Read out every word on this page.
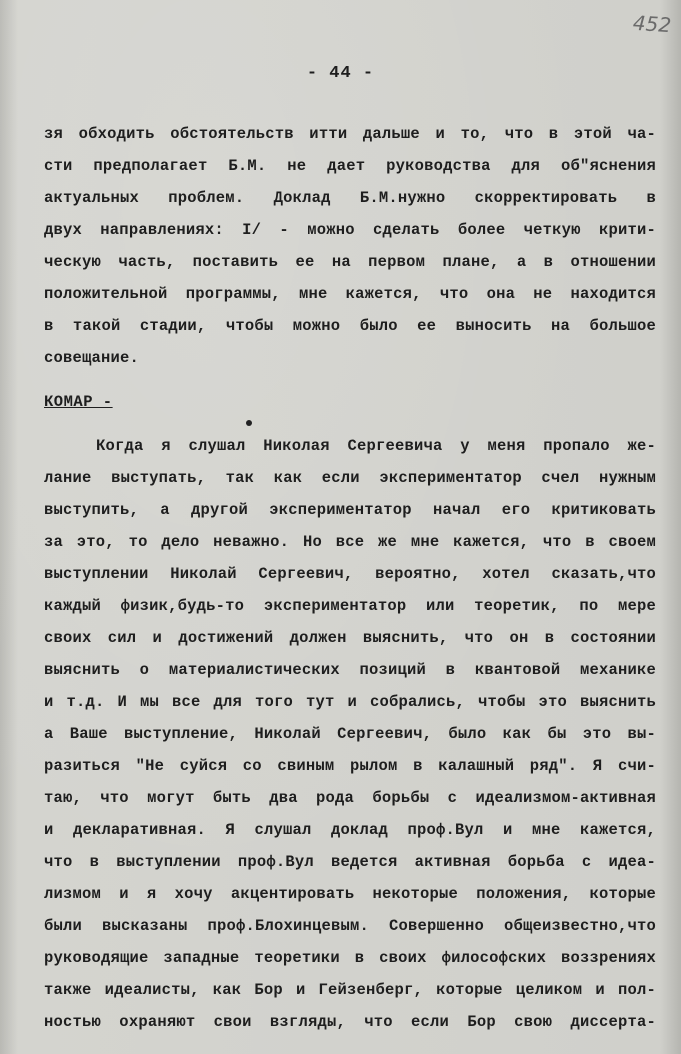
452
- 44 -
зя обходить обстоятельств итти дальше и то, что в этой ча-
сти предполагает Б.М. не дает руководства для об"яснения
актуальных проблем. Доклад Б.М.нужно скорректировать в
двух направлениях: I/ - можно сделать более четкую крити-
ческую часть, поставить ее на первом плане, а в отношении
положительной программы, мне кажется, что она не находится
в такой стадии, чтобы можно было ее выносить на большое
совещание.
КОМАР -
Когда я слушал Николая Сергеевича у меня пропало же-
лание выступать, так как если экспериментатор счел нужным
выступить, а другой экспериментатор начал его критиковать
за это, то дело неважно. Но все же мне кажется, что в своем
выступлении Николай Сергеевич, вероятно, хотел сказать,что
каждый физик,будь-то экспериментатор или теоретик, по мере
своих сил и достижений должен выяснить, что он в состоянии
выяснить о материалистических позиций в квантовой механике
и т.д. И мы все для того тут и собрались, чтобы это выяснить
а Ваше выступление, Николай Сергеевич, было как бы это вы-
разиться "Не суйся со свиным рылом в калашный ряд". Я счи-
таю, что могут быть два рода борьбы с идеализмом-активная
и декларативная. Я слушал доклад проф.Вул и мне кажется,
что в выступлении проф.Вул ведется активная борьба с идеа-
лизмом и я хочу акцентировать некоторые положения, которые
были высказаны проф.Блохинцевым. Совершенно общеизвестно,что
руководящие западные теоретики в своих философских воззрениях
также идеалисты, как Бор и Гейзенберг, которые целиком и пол-
ностью охраняют свои взгляды, что если Бор свою диссерта-
